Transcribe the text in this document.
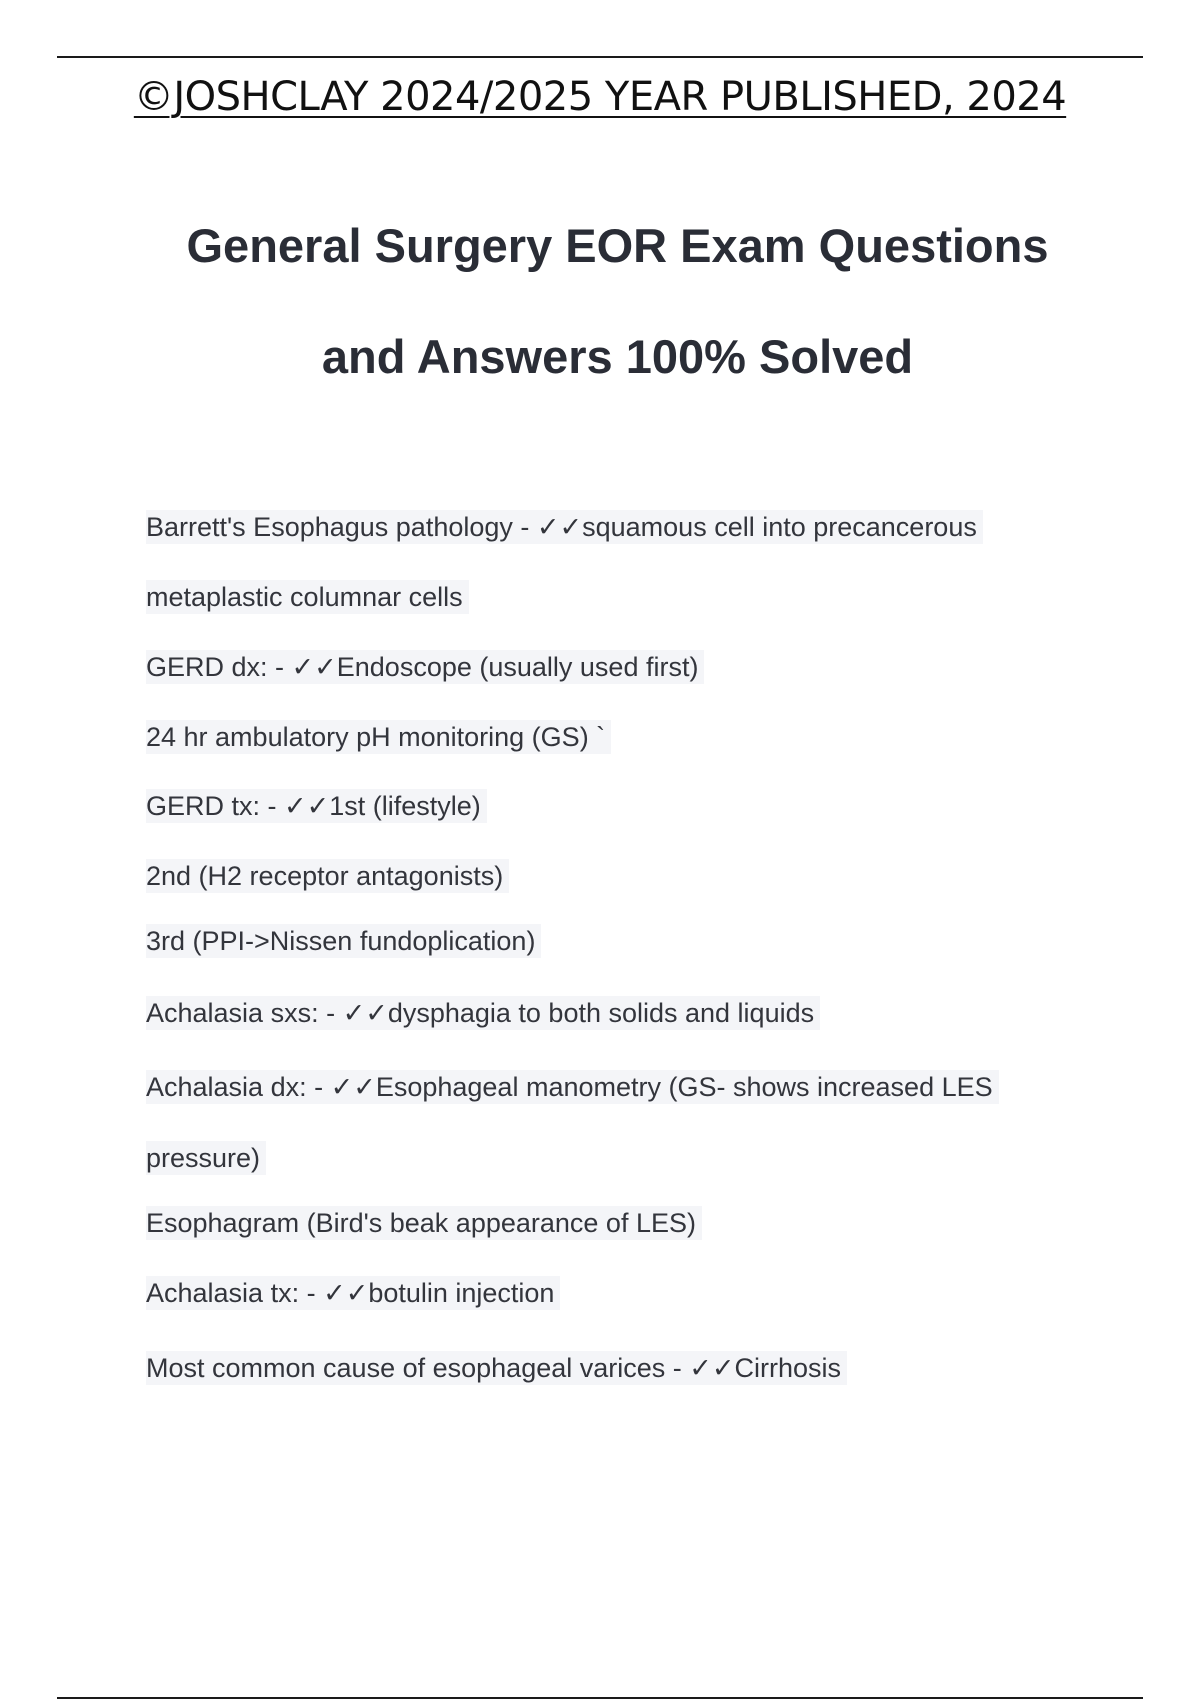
©JOSHCLAY 2024/2025 YEAR PUBLISHED, 2024
General Surgery EOR Exam Questions
and Answers 100% Solved
Barrett's Esophagus pathology - ✓✓squamous cell into precancerous
metaplastic columnar cells
GERD dx: - ✓✓Endoscope (usually used first)
24 hr ambulatory pH monitoring (GS) `
GERD tx: - ✓✓1st (lifestyle)
2nd (H2 receptor antagonists)
3rd (PPI->Nissen fundoplication)
Achalasia sxs: - ✓✓dysphagia to both solids and liquids
Achalasia dx: - ✓✓Esophageal manometry (GS- shows increased LES
pressure)
Esophagram (Bird's beak appearance of LES)
Achalasia tx: - ✓✓botulin injection
Most common cause of esophageal varices - ✓✓Cirrhosis
